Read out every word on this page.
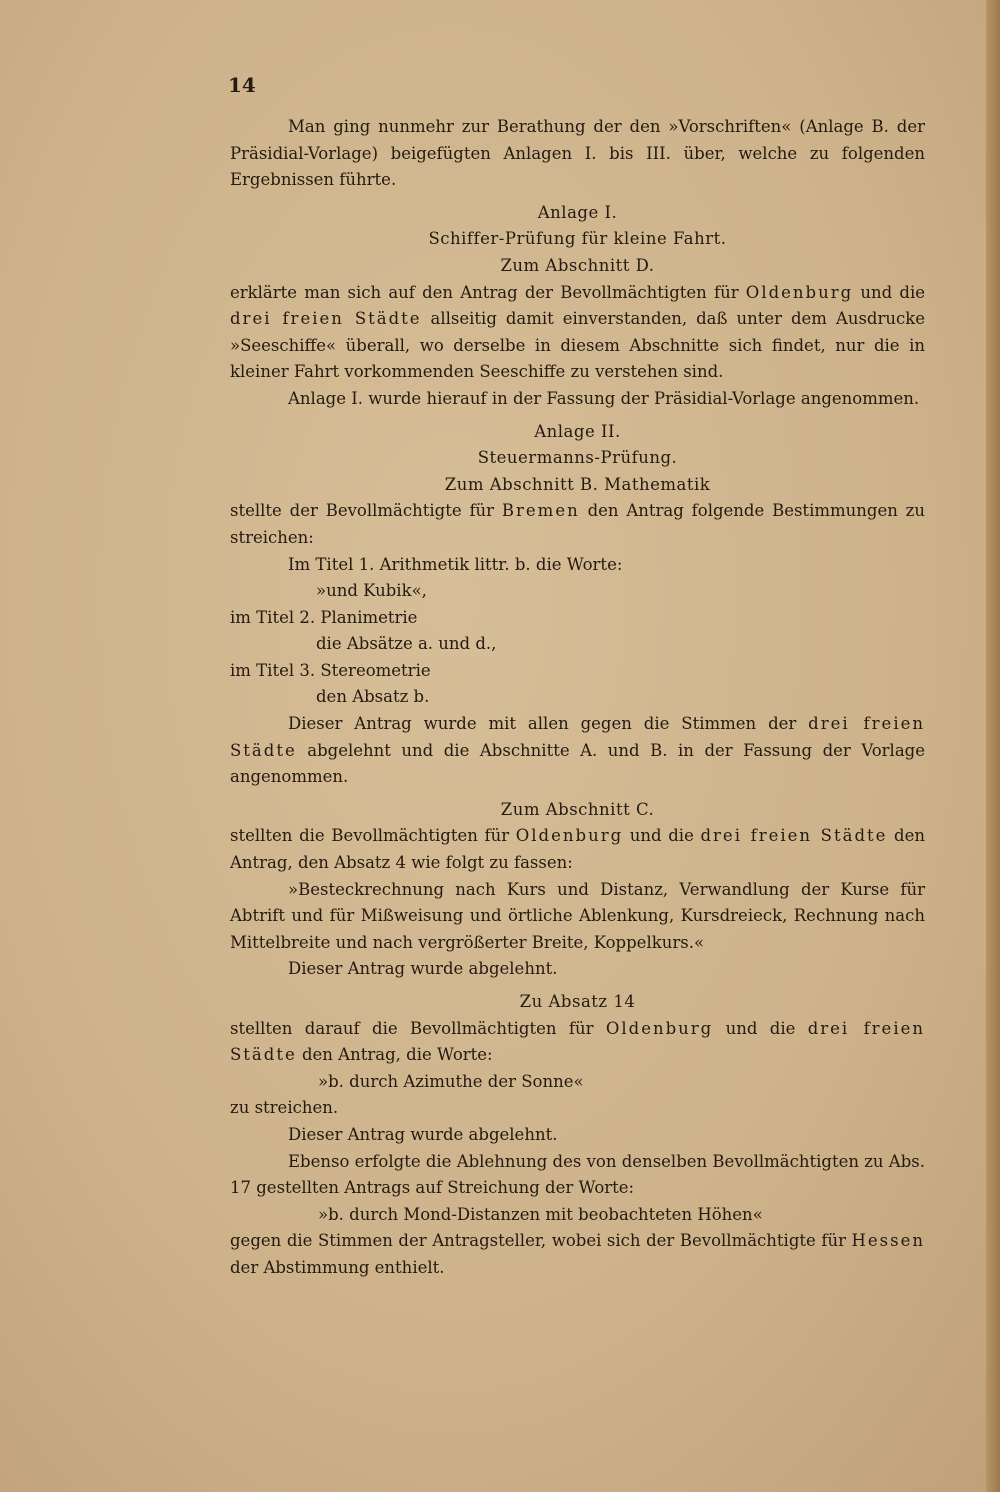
14

Man ging nunmehr zur Berathung der den »Vorschriften« (Anlage B. der Präsidial-Vorlage) beigefügten Anlagen I. bis III. über, welche zu folgenden Ergebnissen führte.

Anlage I.

Schiffer-Prüfung für kleine Fahrt.

Zum Abschnitt D.

erklärte man sich auf den Antrag der Bevollmächtigten für Oldenburg und die drei freien Städte allseitig damit einverstanden, daß unter dem Ausdrucke »Seeschiffe« überall, wo derselbe in diesem Abschnitte sich findet, nur die in kleiner Fahrt vorkommenden Seeschiffe zu verstehen sind.

Anlage I. wurde hierauf in der Fassung der Präsidial-Vorlage angenommen.

Anlage II.

Steuermanns-Prüfung.

Zum Abschnitt B. Mathematik

stellte der Bevollmächtigte für Bremen den Antrag folgende Bestimmungen zu streichen:

Im Titel 1. Arithmetik littr. b. die Worte:

»und Kubik«,

im Titel 2. Planimetrie

die Absätze a. und d.,

im Titel 3. Stereometrie

den Absatz b.

Dieser Antrag wurde mit allen gegen die Stimmen der drei freien Städte abgelehnt und die Abschnitte A. und B. in der Fassung der Vorlage angenommen.

Zum Abschnitt C.

stellten die Bevollmächtigten für Oldenburg und die drei freien Städte den Antrag, den Absatz 4 wie folgt zu fassen:

»Besteckrechnung nach Kurs und Distanz, Verwandlung der Kurse für Abtrift und für Mißweisung und örtliche Ablenkung, Kursdreieck, Rechnung nach Mittelbreite und nach vergrößerter Breite, Koppelkurs.«

Dieser Antrag wurde abgelehnt.

Zu Absatz 14

stellten darauf die Bevollmächtigten für Oldenburg und die drei freien Städte den Antrag, die Worte:

»b. durch Azimuthe der Sonne«

zu streichen.

Dieser Antrag wurde abgelehnt.

Ebenso erfolgte die Ablehnung des von denselben Bevollmächtigten zu Abs. 17 gestellten Antrags auf Streichung der Worte:

»b. durch Mond-Distanzen mit beobachteten Höhen«

gegen die Stimmen der Antragsteller, wobei sich der Bevollmächtigte für Hessen der Abstimmung enthielt.
